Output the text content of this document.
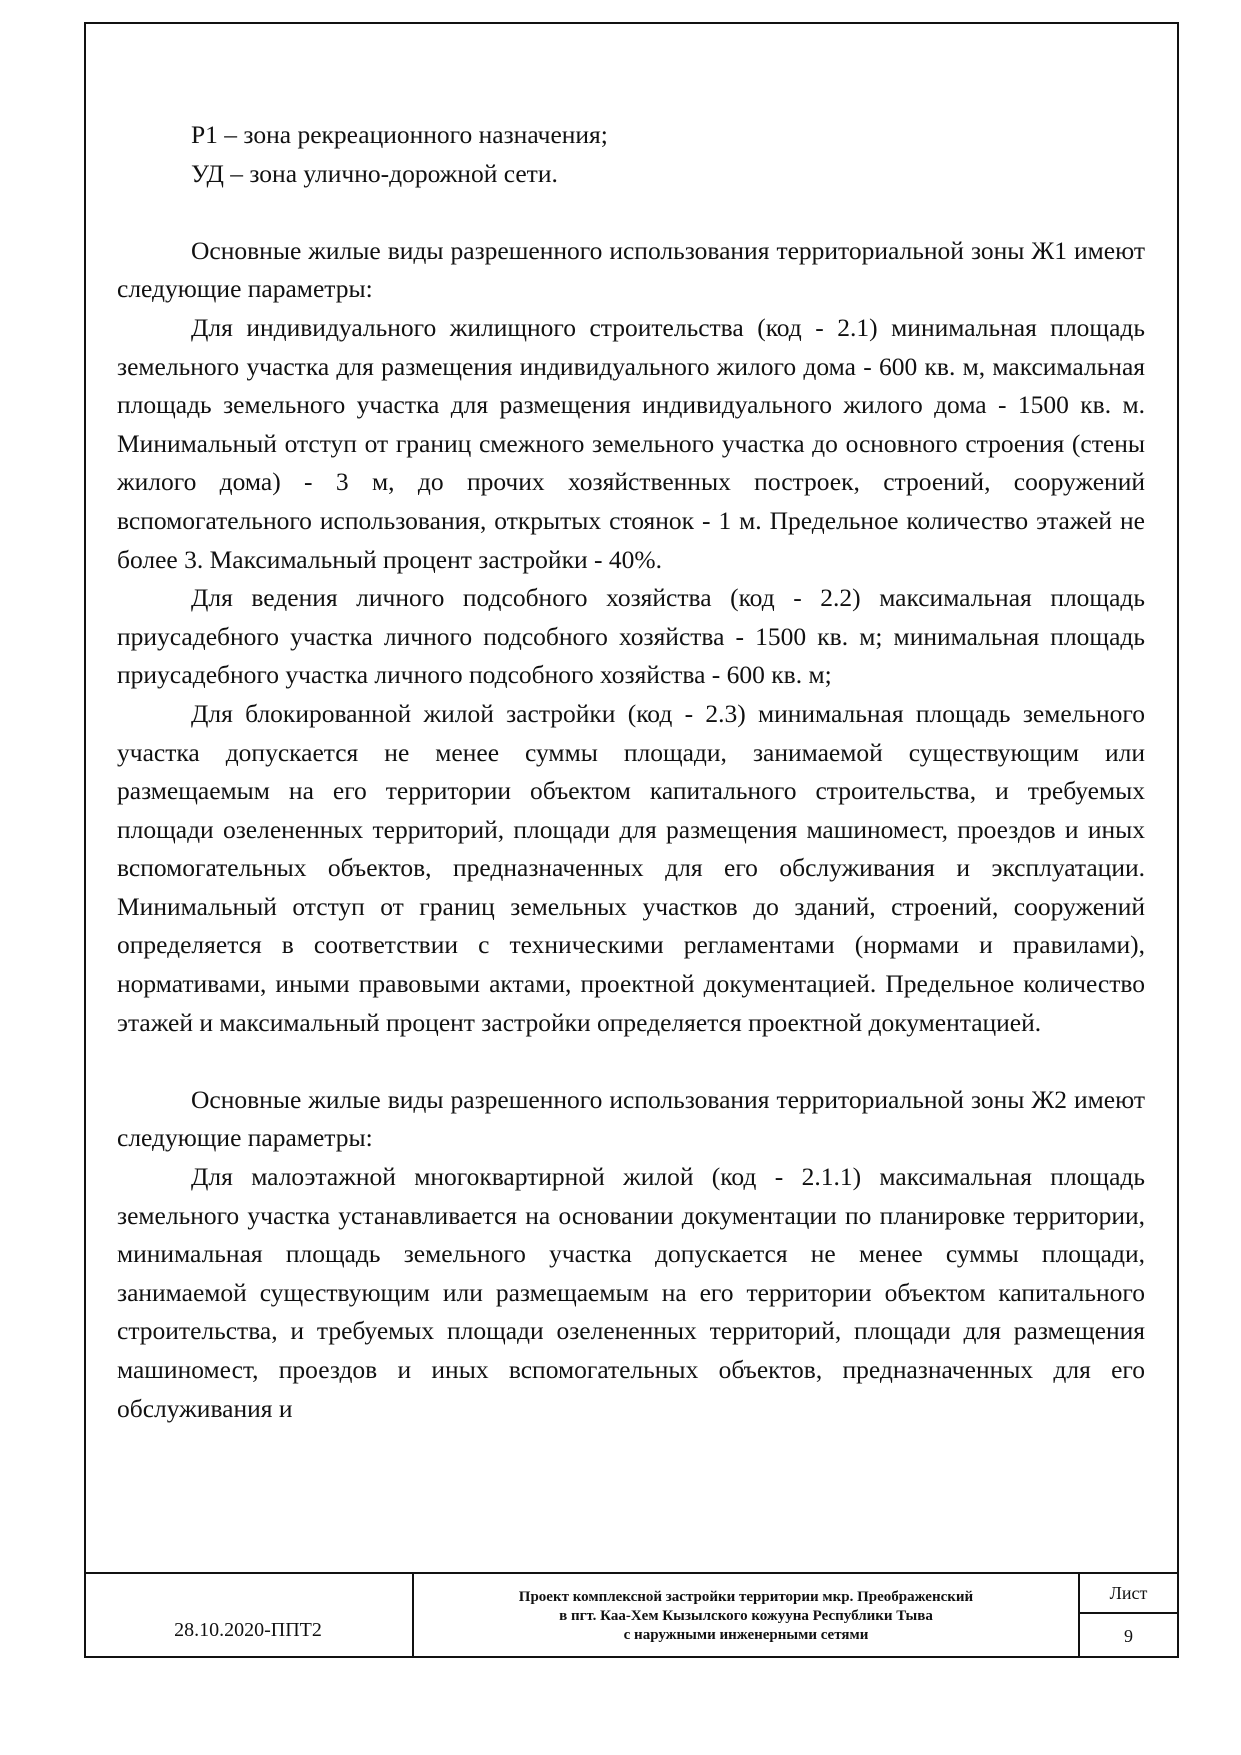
Р1 – зона рекреационного назначения;

УД – зона улично-дорожной сети.

Основные жилые виды разрешенного использования территориальной зоны Ж1 имеют следующие параметры:

Для индивидуального жилищного строительства (код - 2.1) минимальная площадь земельного участка для размещения индивидуального жилого дома - 600 кв. м, максимальная площадь земельного участка для размещения индивидуального жилого дома - 1500 кв. м. Минимальный отступ от границ смежного земельного участка до основного строения (стены жилого дома) - 3 м, до прочих хозяйственных построек, строений, сооружений вспомогательного использования, открытых стоянок - 1 м. Предельное количество этажей не более 3. Максимальный процент застройки - 40%.

Для ведения личного подсобного хозяйства (код - 2.2) максимальная площадь приусадебного участка личного подсобного хозяйства - 1500 кв. м; минимальная площадь приусадебного участка личного подсобного хозяйства - 600 кв. м;

Для блокированной жилой застройки (код - 2.3) минимальная площадь земельного участка допускается не менее суммы площади, занимаемой существующим или размещаемым на его территории объектом капитального строительства, и требуемых площади озелененных территорий, площади для размещения машиномест, проездов и иных вспомогательных объектов, предназначенных для его обслуживания и эксплуатации. Минимальный отступ от границ земельных участков до зданий, строений, сооружений определяется в соответствии с техническими регламентами (нормами и правилами), нормативами, иными правовыми актами, проектной документацией. Предельное количество этажей и максимальный процент застройки определяется проектной документацией.

Основные жилые виды разрешенного использования территориальной зоны Ж2 имеют следующие параметры:

Для малоэтажной многоквартирной жилой (код - 2.1.1) максимальная площадь земельного участка устанавливается на основании документации по планировке территории, минимальная площадь земельного участка допускается не менее суммы площади, занимаемой существующим или размещаемым на его территории объектом капитального строительства, и требуемых площади озелененных территорий, площади для размещения машиномест, проездов и иных вспомогательных объектов, предназначенных для его обслуживания и

28.10.2020-ППТ2
Проект комплексной застройки территории мкр. Преображенский
в пгт. Каа-Хем Кызылского кожууна Республики Тыва
с наружными инженерными сетями
Лист
9
